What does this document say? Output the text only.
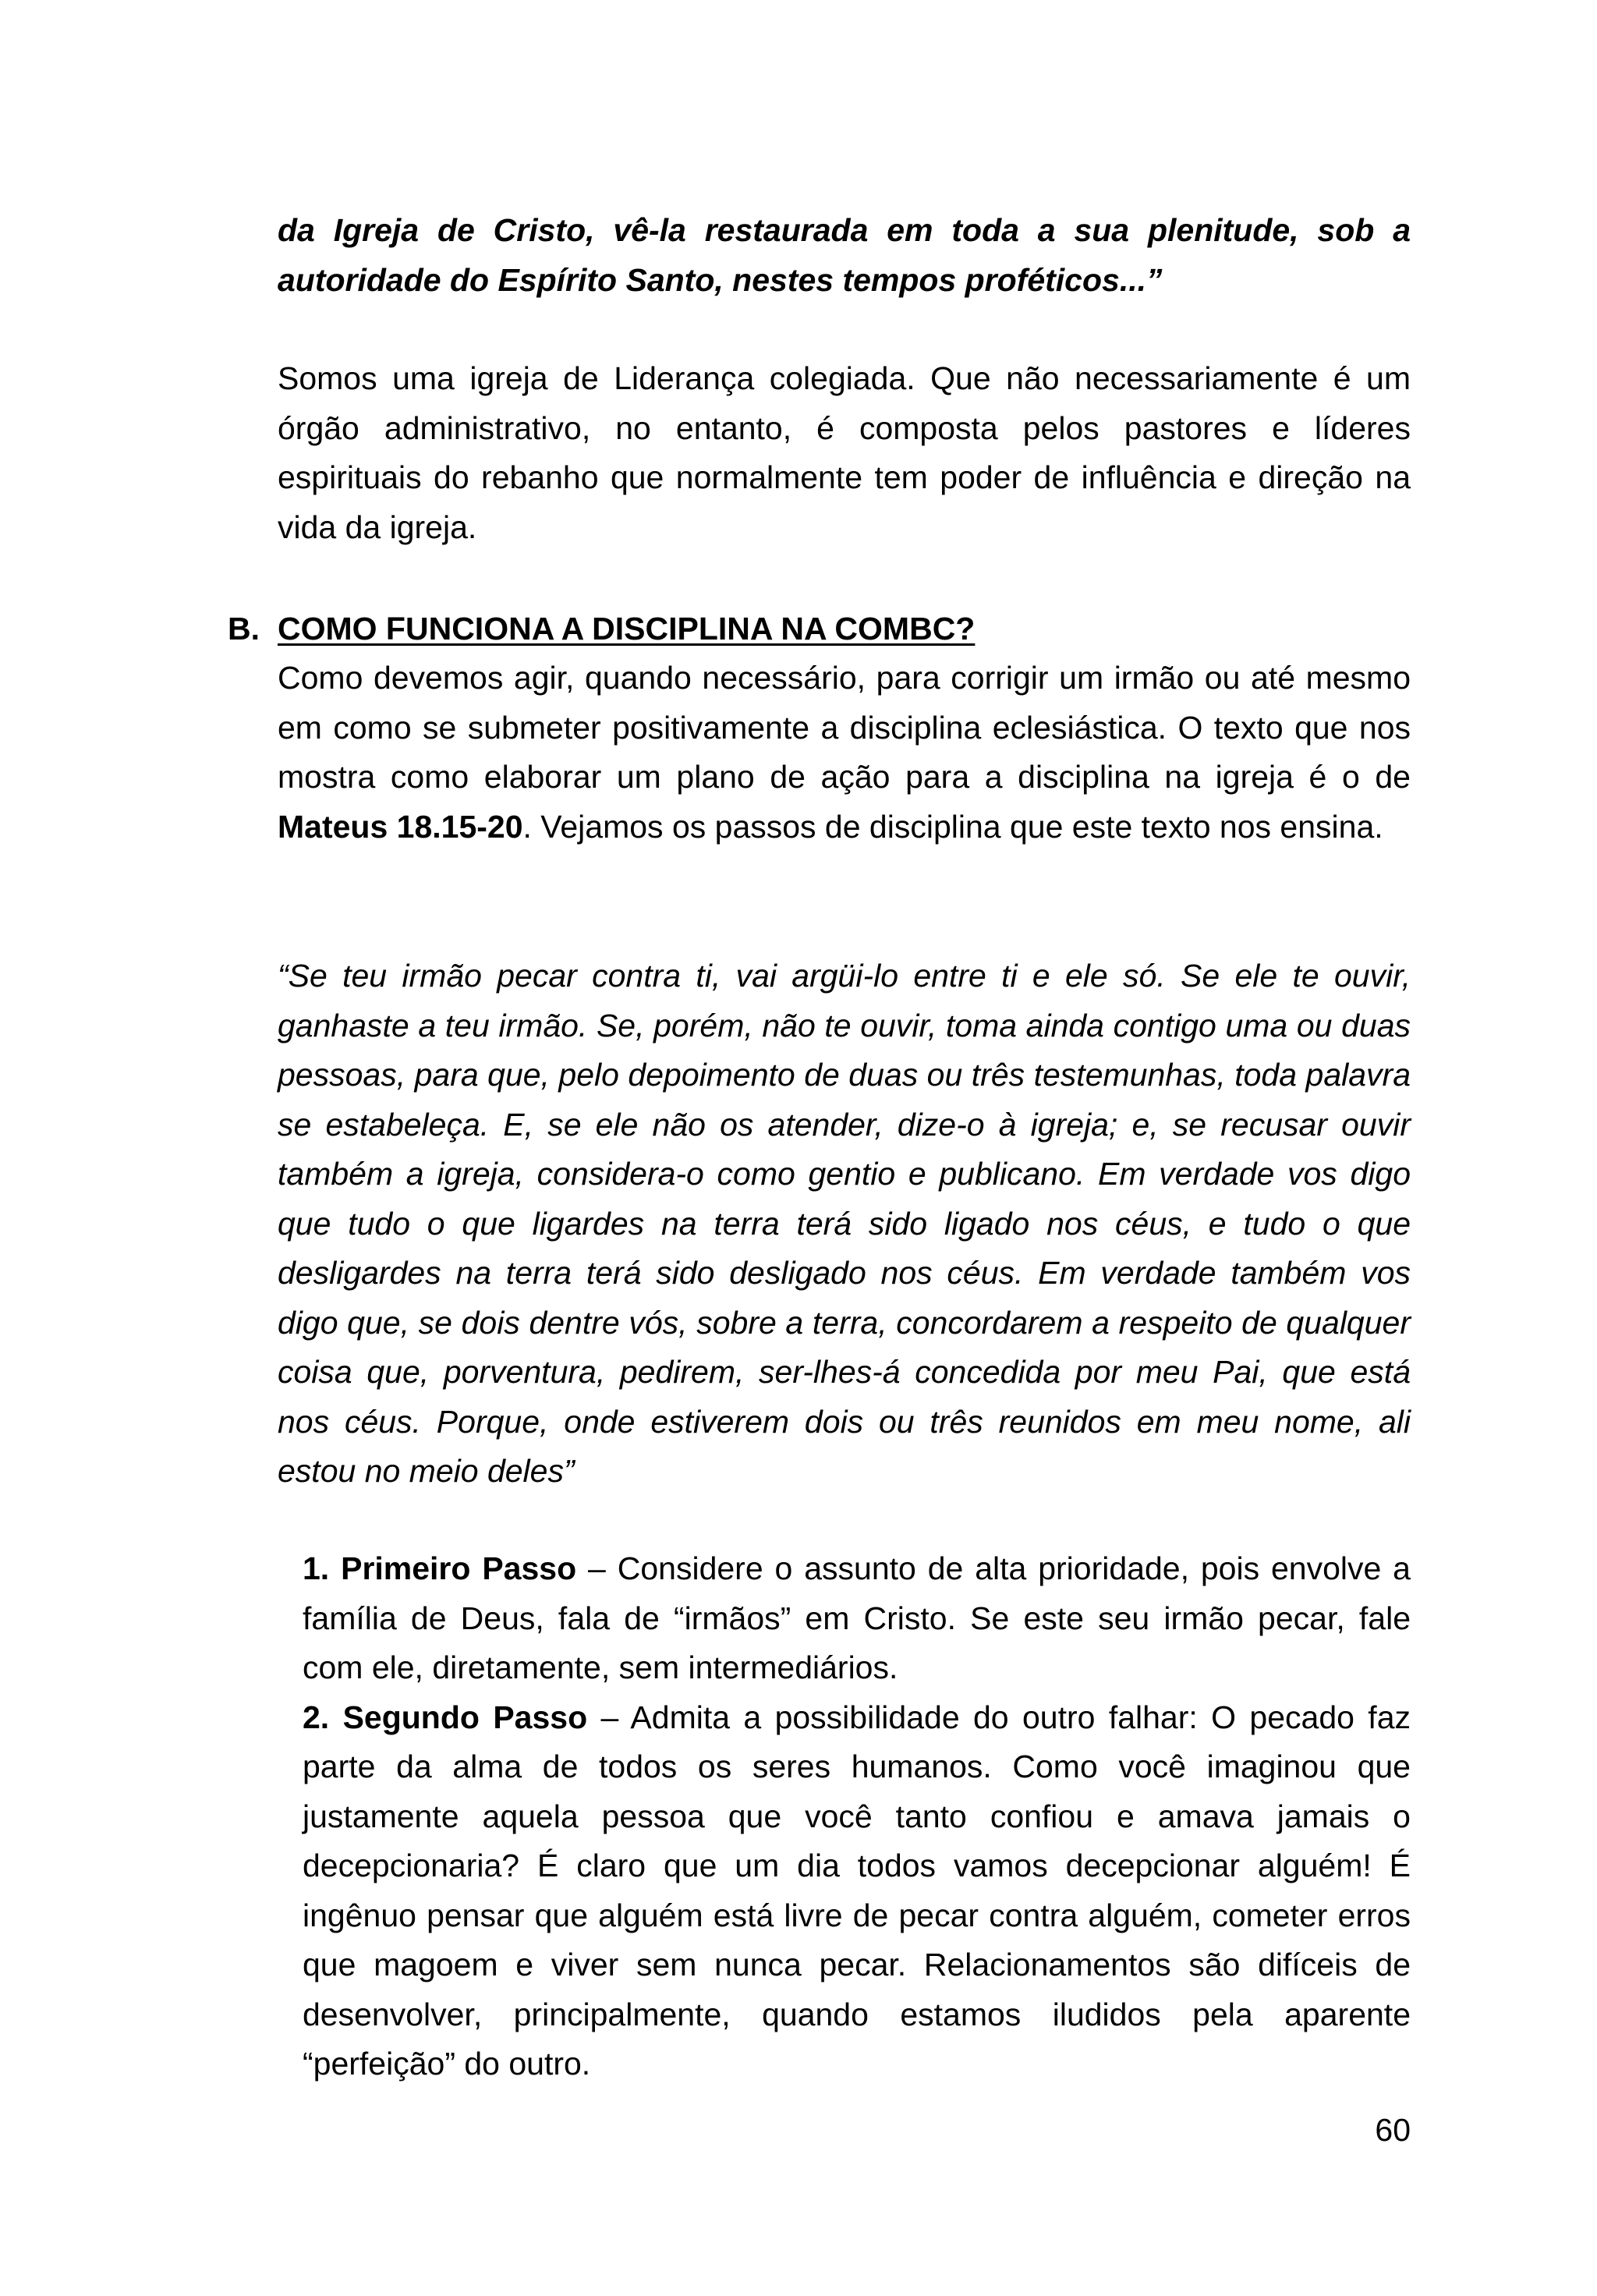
da Igreja de Cristo, vê-la restaurada em toda a sua plenitude, sob a autoridade do Espírito Santo, nestes tempos proféticos...”

Somos uma igreja de Liderança colegiada. Que não necessariamente é um órgão administrativo, no entanto, é composta pelos pastores e líderes espirituais do rebanho que normalmente tem poder de influência e direção na vida da igreja.

B. COMO FUNCIONA A DISCIPLINA NA COMBC?

Como devemos agir, quando necessário, para corrigir um irmão ou até mesmo em como se submeter positivamente a disciplina eclesiástica. O texto que nos mostra como elaborar um plano de ação para a disciplina na igreja é o de Mateus 18.15-20. Vejamos os passos de disciplina que este texto nos ensina.

“Se teu irmão pecar contra ti, vai argüi-lo entre ti e ele só. Se ele te ouvir, ganhaste a teu irmão. Se, porém, não te ouvir, toma ainda contigo uma ou duas pessoas, para que, pelo depoimento de duas ou três testemunhas, toda palavra se estabeleça. E, se ele não os atender, dize-o à igreja; e, se recusar ouvir também a igreja, considera-o como gentio e publicano. Em verdade vos digo que tudo o que ligardes na terra terá sido ligado nos céus, e tudo o que desligardes na terra terá sido desligado nos céus. Em verdade também vos digo que, se dois dentre vós, sobre a terra, concordarem a respeito de qualquer coisa que, porventura, pedirem, ser-lhes-á concedida por meu Pai, que está nos céus. Porque, onde estiverem dois ou três reunidos em meu nome, ali estou no meio deles”

1. Primeiro Passo – Considere o assunto de alta prioridade, pois envolve a família de Deus, fala de “irmãos” em Cristo. Se este seu irmão pecar, fale com ele, diretamente, sem intermediários.

2. Segundo Passo – Admita a possibilidade do outro falhar: O pecado faz parte da alma de todos os seres humanos. Como você imaginou que justamente aquela pessoa que você tanto confiou e amava jamais o decepcionaria? É claro que um dia todos vamos decepcionar alguém! É ingênuo pensar que alguém está livre de pecar contra alguém, cometer erros que magoem e viver sem nunca pecar. Relacionamentos são difíceis de desenvolver, principalmente, quando estamos iludidos pela aparente “perfeição” do outro.

60
